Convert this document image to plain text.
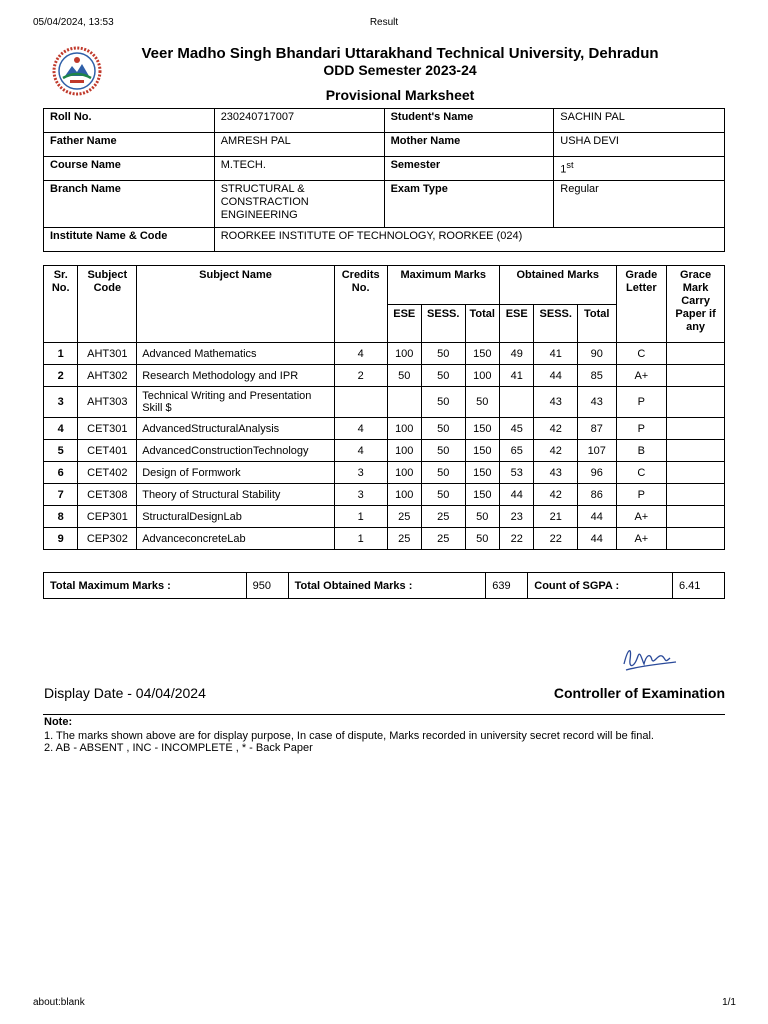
05/04/2024, 13:53	Result
about:blank	1/1
Veer Madho Singh Bhandari Uttarakhand Technical University, Dehradun
ODD Semester 2023-24
Provisional Marksheet
Roll No.	230240717007	Student's Name	SACHIN PAL
Father Name	AMRESH PAL	Mother Name	USHA DEVI
Course Name	M.TECH.	Semester	1st
Branch Name	STRUCTURAL & CONSTRACTION ENGINEERING	Exam Type	Regular
Institute Name & Code	ROORKEE INSTITUTE OF TECHNOLOGY, ROORKEE (024)		
Sr. No.	Subject Code	Subject Name	Credits No.	Maximum Marks			Obtained Marks			Grade Letter	Grace Mark Carry Paper if any
				ESE	SESS.	Total	ESE	SESS.	Total		
1	AHT301	Advanced Mathematics	4	100	50	150	49	41	90	C	
2	AHT302	Research Methodology and IPR	2	50	50	100	41	44	85	A+	
3	AHT303	Technical Writing and Presentation Skill $			50	50		43	43	P	
4	CET301	AdvancedStructuralAnalysis	4	100	50	150	45	42	87	P	
5	CET401	AdvancedConstructionTechnology	4	100	50	150	65	42	107	B	
6	CET402	Design of Formwork	3	100	50	150	53	43	96	C	
7	CET308	Theory of Structural Stability	3	100	50	150	44	42	86	P	
8	CEP301	StructuralDesignLab	1	25	25	50	23	21	44	A+	
9	CEP302	AdvanceconcreteLab	1	25	25	50	22	22	44	A+	
Total Maximum Marks :	950	Total Obtained Marks :	639	Count of SGPA :	6.41
Display Date - 04/04/2024	Controller of Examination
Note:
1. The marks shown above are for display purpose, In case of dispute, Marks recorded in university secret record will be final.
2. AB - ABSENT , INC - INCOMPLETE , * - Back Paper
